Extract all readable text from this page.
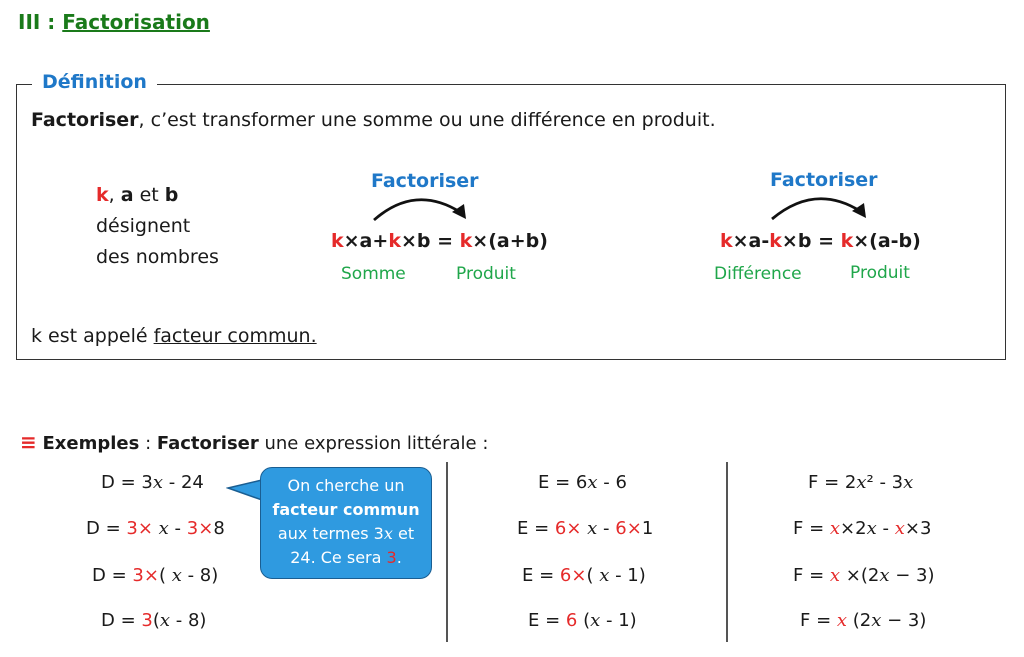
III : Factorisation
Définition
Factoriser, c’est transformer une somme ou une différence en produit.
k, a et b
désignent
des nombres
Factoriser
k×a+k×b = k×(a+b)
Somme	Produit
Factoriser
k×a-k×b = k×(a-b)
Différence	Produit
k est appelé facteur commun.
≡ Exemples : Factoriser une expression littérale :
D = 3x - 24
D = 3× x - 3×8
D = 3×( x - 8)
D = 3(x - 8)
On cherche un
facteur commun
aux termes 3x et
24. Ce sera 3.
E = 6x - 6
E = 6× x - 6×1
E = 6×( x - 1)
E = 6 (x - 1)
F = 2x² - 3x
F = x×2x - x×3
F = x ×(2x − 3)
F = x (2x − 3)
